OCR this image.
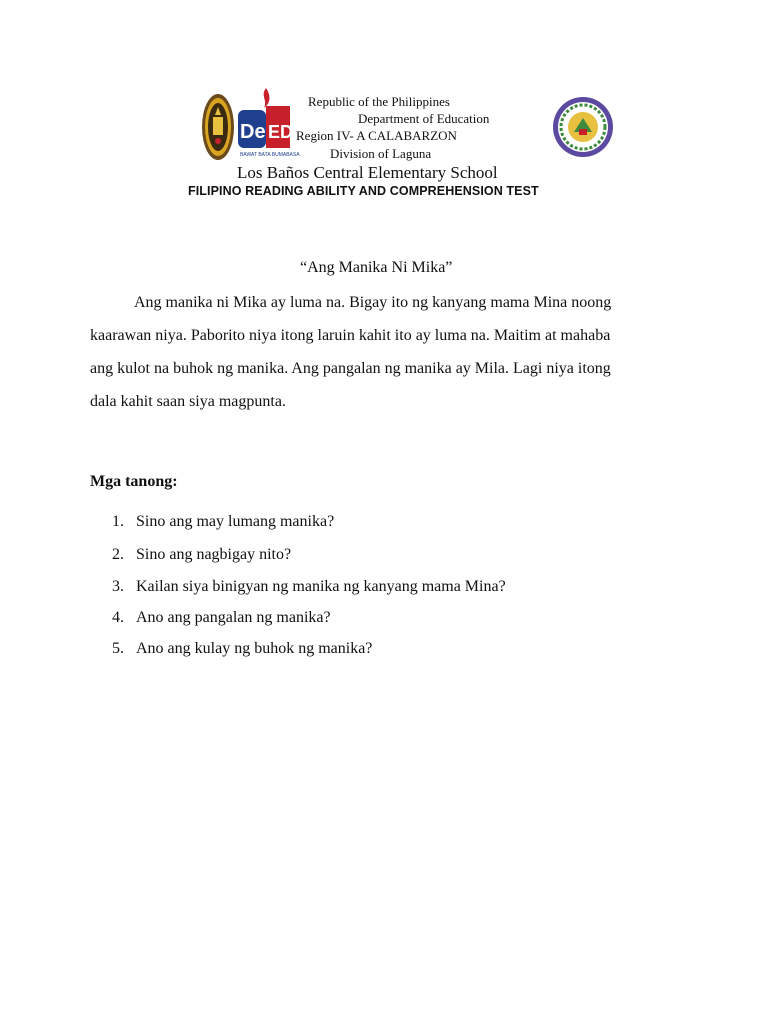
De ED
BAWAT BATA BUMABASA
Republic of the Philippines
Department of Education
Region IV- A CALABARZON
Division of Laguna
Los Baños Central Elementary School
FILIPINO READING ABILITY AND COMPREHENSION TEST
“Ang Manika Ni Mika”
Ang manika ni Mika ay luma na. Bigay ito ng kanyang mama Mina noong
kaarawan niya. Paborito niya itong laruin kahit ito ay luma na. Maitim at mahaba
ang kulot na buhok ng manika. Ang pangalan ng manika ay Mila. Lagi niya itong
dala kahit saan siya magpunta.
Mga tanong:
1. Sino ang may lumang manika?
2. Sino ang nagbigay nito?
3. Kailan siya binigyan ng manika ng kanyang mama Mina?
4. Ano ang pangalan ng manika?
5. Ano ang kulay ng buhok ng manika?
